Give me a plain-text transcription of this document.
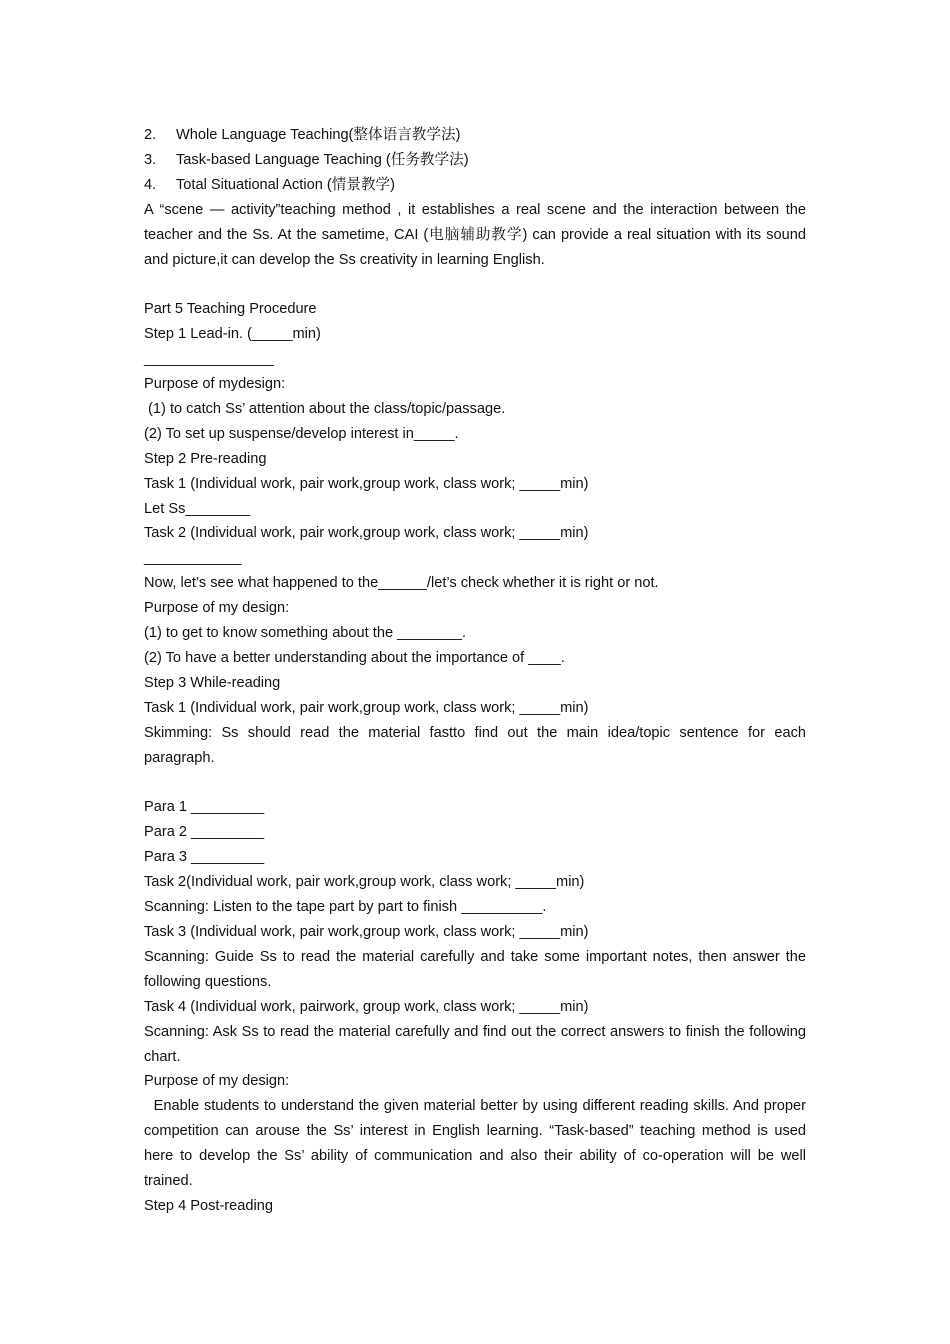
2. Whole Language Teaching(整体语言教学法)
3. Task-based Language Teaching (任务教学法)
4. Total Situational Action (情景教学)
A “scene — activity”teaching method , it establishes a real scene and the interaction between the teacher and the Ss. At the sametime, CAI (电脑辅助教学) can provide a real situation with its sound and picture,it can develop the Ss creativity in learning English.
Part 5 Teaching Procedure
Step 1 Lead-in. (_____min)
________________
Purpose of mydesign:
(1) to catch Ss’ attention about the class/topic/passage.
(2) To set up suspense/develop interest in_____.
Step 2 Pre-reading
Task 1 (Individual work, pair work,group work, class work; _____min)
Let Ss________
Task 2 (Individual work, pair work,group work, class work; _____min)
____________
Now, let’s see what happened to the______/let’s check whether it is right or not.
Purpose of my design:
(1) to get to know something about the ________.
(2) To have a better understanding about the importance of ____.
Step 3 While-reading
Task 1 (Individual work, pair work,group work, class work; _____min)
Skimming: Ss should read the material fastto find out the main idea/topic sentence for each paragraph.
Para 1 _________
Para 2 _________
Para 3 _________
Task 2(Individual work, pair work,group work, class work; _____min)
Scanning: Listen to the tape part by part to finish __________.
Task 3 (Individual work, pair work,group work, class work; _____min)
Scanning: Guide Ss to read the material carefully and take some important notes, then answer the following questions.
Task 4 (Individual work, pairwork, group work, class work; _____min)
Scanning: Ask Ss to read the material carefully and find out the correct answers to finish the following chart.
Purpose of my design:
Enable students to understand the given material better by using different reading skills. And proper competition can arouse the Ss’ interest in English learning. “Task-based” teaching method is used here to develop the Ss’ ability of communication and also their ability of co-operation will be well trained.
Step 4 Post-reading
